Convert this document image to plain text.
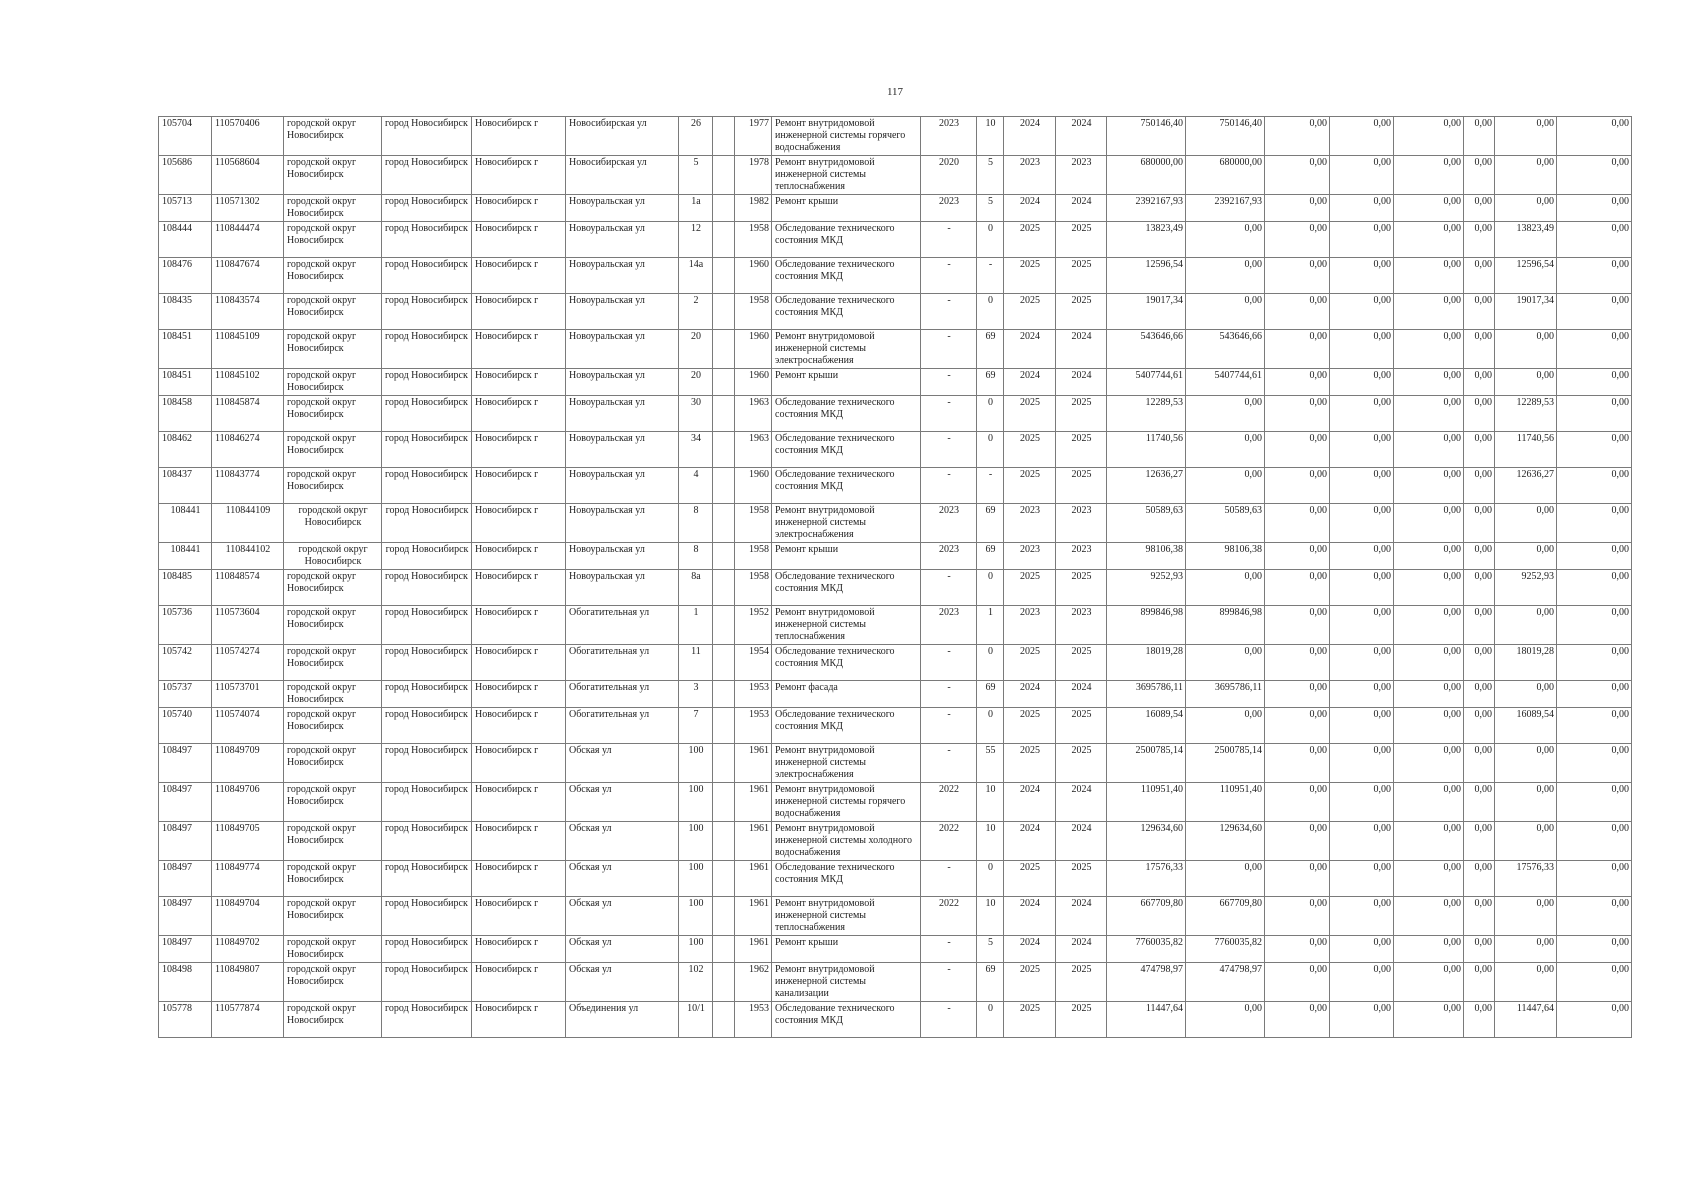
117
105704	110570406	городской округ Новосибирск	город Новосибирск	Новосибирск г	Новосибирская ул	26		1977	Ремонт внутридомовой инженерной системы горячего водоснабжения	2023	10	2024	2024	750146,40	750146,40	0,00	0,00	0,00	0,00	0,00	0,00
105686	110568604	городской округ Новосибирск	город Новосибирск	Новосибирск г	Новосибирская ул	5		1978	Ремонт внутридомовой инженерной системы теплоснабжения	2020	5	2023	2023	680000,00	680000,00	0,00	0,00	0,00	0,00	0,00	0,00
105713	110571302	городской округ Новосибирск	город Новосибирск	Новосибирск г	Новоуральская ул	1а		1982	Ремонт крыши	2023	5	2024	2024	2392167,93	2392167,93	0,00	0,00	0,00	0,00	0,00	0,00
108444	110844474	городской округ Новосибирск	город Новосибирск	Новосибирск г	Новоуральская ул	12		1958	Обследование технического состояния МКД	-	0	2025	2025	13823,49	0,00	0,00	0,00	0,00	0,00	13823,49	0,00
108476	110847674	городской округ Новосибирск	город Новосибирск	Новосибирск г	Новоуральская ул	14а		1960	Обследование технического состояния МКД	-	-	2025	2025	12596,54	0,00	0,00	0,00	0,00	0,00	12596,54	0,00
108435	110843574	городской округ Новосибирск	город Новосибирск	Новосибирск г	Новоуральская ул	2		1958	Обследование технического состояния МКД	-	0	2025	2025	19017,34	0,00	0,00	0,00	0,00	0,00	19017,34	0,00
108451	110845109	городской округ Новосибирск	город Новосибирск	Новосибирск г	Новоуральская ул	20		1960	Ремонт внутридомовой инженерной системы электроснабжения	-	69	2024	2024	543646,66	543646,66	0,00	0,00	0,00	0,00	0,00	0,00
108451	110845102	городской округ Новосибирск	город Новосибирск	Новосибирск г	Новоуральская ул	20		1960	Ремонт крыши	-	69	2024	2024	5407744,61	5407744,61	0,00	0,00	0,00	0,00	0,00	0,00
108458	110845874	городской округ Новосибирск	город Новосибирск	Новосибирск г	Новоуральская ул	30		1963	Обследование технического состояния МКД	-	0	2025	2025	12289,53	0,00	0,00	0,00	0,00	0,00	12289,53	0,00
108462	110846274	городской округ Новосибирск	город Новосибирск	Новосибирск г	Новоуральская ул	34		1963	Обследование технического состояния МКД	-	0	2025	2025	11740,56	0,00	0,00	0,00	0,00	0,00	11740,56	0,00
108437	110843774	городской округ Новосибирск	город Новосибирск	Новосибирск г	Новоуральская ул	4		1960	Обследование технического состояния МКД	-	-	2025	2025	12636,27	0,00	0,00	0,00	0,00	0,00	12636,27	0,00
108441	110844109	городской округ Новосибирск	город Новосибирск	Новосибирск г	Новоуральская ул	8		1958	Ремонт внутридомовой инженерной системы электроснабжения	2023	69	2023	2023	50589,63	50589,63	0,00	0,00	0,00	0,00	0,00	0,00
108441	110844102	городской округ Новосибирск	город Новосибирск	Новосибирск г	Новоуральская ул	8		1958	Ремонт крыши	2023	69	2023	2023	98106,38	98106,38	0,00	0,00	0,00	0,00	0,00	0,00
108485	110848574	городской округ Новосибирск	город Новосибирск	Новосибирск г	Новоуральская ул	8а		1958	Обследование технического состояния МКД	-	0	2025	2025	9252,93	0,00	0,00	0,00	0,00	0,00	9252,93	0,00
105736	110573604	городской округ Новосибирск	город Новосибирск	Новосибирск г	Обогатительная ул	1		1952	Ремонт внутридомовой инженерной системы теплоснабжения	2023	1	2023	2023	899846,98	899846,98	0,00	0,00	0,00	0,00	0,00	0,00
105742	110574274	городской округ Новосибирск	город Новосибирск	Новосибирск г	Обогатительная ул	11		1954	Обследование технического состояния МКД	-	0	2025	2025	18019,28	0,00	0,00	0,00	0,00	0,00	18019,28	0,00
105737	110573701	городской округ Новосибирск	город Новосибирск	Новосибирск г	Обогатительная ул	3		1953	Ремонт фасада	-	69	2024	2024	3695786,11	3695786,11	0,00	0,00	0,00	0,00	0,00	0,00
105740	110574074	городской округ Новосибирск	город Новосибирск	Новосибирск г	Обогатительная ул	7		1953	Обследование технического состояния МКД	-	0	2025	2025	16089,54	0,00	0,00	0,00	0,00	0,00	16089,54	0,00
108497	110849709	городской округ Новосибирск	город Новосибирск	Новосибирск г	Обская ул	100		1961	Ремонт внутридомовой инженерной системы электроснабжения	-	55	2025	2025	2500785,14	2500785,14	0,00	0,00	0,00	0,00	0,00	0,00
108497	110849706	городской округ Новосибирск	город Новосибирск	Новосибирск г	Обская ул	100		1961	Ремонт внутридомовой инженерной системы горячего водоснабжения	2022	10	2024	2024	110951,40	110951,40	0,00	0,00	0,00	0,00	0,00	0,00
108497	110849705	городской округ Новосибирск	город Новосибирск	Новосибирск г	Обская ул	100		1961	Ремонт внутридомовой инженерной системы холодного водоснабжения	2022	10	2024	2024	129634,60	129634,60	0,00	0,00	0,00	0,00	0,00	0,00
108497	110849774	городской округ Новосибирск	город Новосибирск	Новосибирск г	Обская ул	100		1961	Обследование технического состояния МКД	-	0	2025	2025	17576,33	0,00	0,00	0,00	0,00	0,00	17576,33	0,00
108497	110849704	городской округ Новосибирск	город Новосибирск	Новосибирск г	Обская ул	100		1961	Ремонт внутридомовой инженерной системы теплоснабжения	2022	10	2024	2024	667709,80	667709,80	0,00	0,00	0,00	0,00	0,00	0,00
108497	110849702	городской округ Новосибирск	город Новосибирск	Новосибирск г	Обская ул	100		1961	Ремонт крыши	-	5	2024	2024	7760035,82	7760035,82	0,00	0,00	0,00	0,00	0,00	0,00
108498	110849807	городской округ Новосибирск	город Новосибирск	Новосибирск г	Обская ул	102		1962	Ремонт внутридомовой инженерной системы канализации	-	69	2025	2025	474798,97	474798,97	0,00	0,00	0,00	0,00	0,00	0,00
105778	110577874	городской округ Новосибирск	город Новосибирск	Новосибирск г	Объединения ул	10/1		1953	Обследование технического состояния МКД	-	0	2025	2025	11447,64	0,00	0,00	0,00	0,00	0,00	11447,64	0,00
